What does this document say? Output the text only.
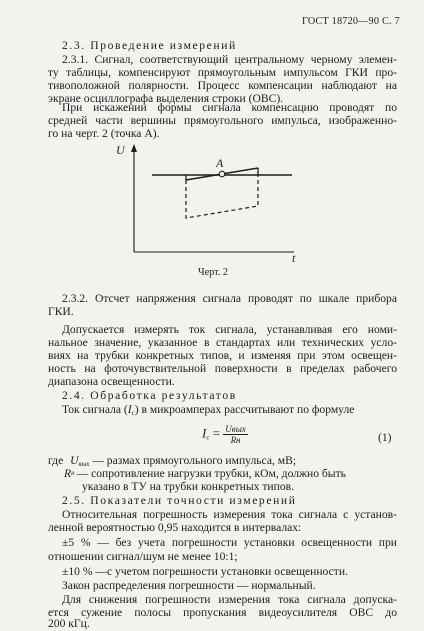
ГОСТ 18720—90 С. 7
2.3. Проведение измерений
2.3.1. Сигнал, соответствующий центральному черному элемен-
ту таблицы, компенсируют прямоугольным импульсом ГКИ про-
тивоположной полярности. Процесс компенсации наблюдают на
экране осциллографа выделения строки (ОВС).
При искажении формы сигнала компенсацию проводят по
средней части вершины прямоугольного импульса, изображенно-
го на черт. 2 (точка A).
U
A
t
Черт. 2
2.3.2. Отсчет напряжения сигнала проводят по шкале прибора
ГКИ.
Допускается измерять ток сигнала, устанавливая его номи-
нальное значение, указанное в стандартах или технических усло-
виях на трубки конкретных типов, и изменяя при этом освещен-
ность на фоточувствительной поверхности в пределах рабочего
диапазона освещенности.
2.4. Обработка результатов
Ток сигнала $(I_c)$ в микроамперах рассчитывают по формуле
$I_c = \frac{\text{Uвых}}{Rн}$	(1)
где $U_{вых}$ — размах прямоугольного импульса, мВ;
R н — сопротивление нагрузки трубки, кОм, должно быть
указано в ТУ на трубки конкретных типов.
2.5. Показатели точности измерений
Относительная погрешность измерения тока сигнала с установ-
ленной вероятностью 0,95 находится в интервалах:
±5 % — без учета погрешности установки освещенности при
отношении сигнал/шум не менее 10:1;
±10 % —с учетом погрешности установки освещенности.
Закон распределения погрешности — нормальный.
Для снижения погрешности измерения тока сигнала допуска-
ется сужение полосы пропускания видеоусилителя ОВС до
200 кГц.
